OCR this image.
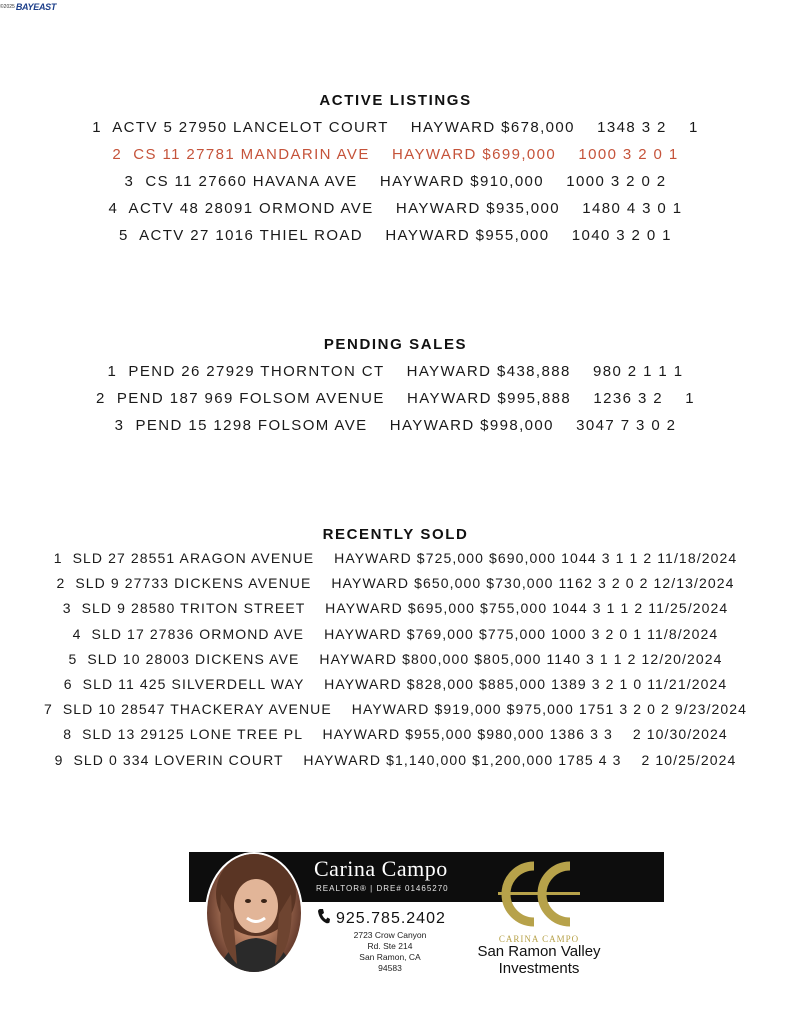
©2025 BAYEAST
ACTIVE LISTINGS
1  ACTV 5 27950 LANCELOT COURT    HAYWARD $678,000    1348 3 2    1
2  CS 11 27781 MANDARIN AVE    HAYWARD $699,000    1000 3 2 0 1
3  CS 11 27660 HAVANA AVE    HAYWARD $910,000    1000 3 2 0 2
4  ACTV 48 28091 ORMOND AVE    HAYWARD $935,000    1480 4 3 0 1
5  ACTV 27 1016 THIEL ROAD    HAYWARD $955,000    1040 3 2 0 1
PENDING SALES
1  PEND 26 27929 THORNTON CT    HAYWARD $438,888    980 2 1 1 1
2  PEND 187 969 FOLSOM AVENUE    HAYWARD $995,888    1236 3 2    1
3  PEND 15 1298 FOLSOM AVE    HAYWARD $998,000    3047 7 3 0 2
RECENTLY SOLD
1  SLD 27 28551 ARAGON AVENUE    HAYWARD $725,000 $690,000 1044 3 1 1 2 11/18/2024
2  SLD 9 27733 DICKENS AVENUE    HAYWARD $650,000 $730,000 1162 3 2 0 2 12/13/2024
3  SLD 9 28580 TRITON STREET    HAYWARD $695,000 $755,000 1044 3 1 1 2 11/25/2024
4  SLD 17 27836 ORMOND AVE    HAYWARD $769,000 $775,000 1000 3 2 0 1 11/8/2024
5  SLD 10 28003 DICKENS AVE    HAYWARD $800,000 $805,000 1140 3 1 1 2 12/20/2024
6  SLD 11 425 SILVERDELL WAY    HAYWARD $828,000 $885,000 1389 3 2 1 0 11/21/2024
7  SLD 10 28547 THACKERAY AVENUE    HAYWARD $919,000 $975,000 1751 3 2 0 2 9/23/2024
8  SLD 13 29125 LONE TREE PL    HAYWARD $955,000 $980,000 1386 3 3    2 10/30/2024
9  SLD 0 334 LOVERIN COURT    HAYWARD $1,140,000 $1,200,000 1785 4 3    2 10/25/2024
Carina Campo
REALTOR® | DRE# 01465270
925.785.2402
2723 Crow Canyon
Rd. Ste 214
San Ramon, CA
94583
CARINA CAMPO
San Ramon Valley
Investments
